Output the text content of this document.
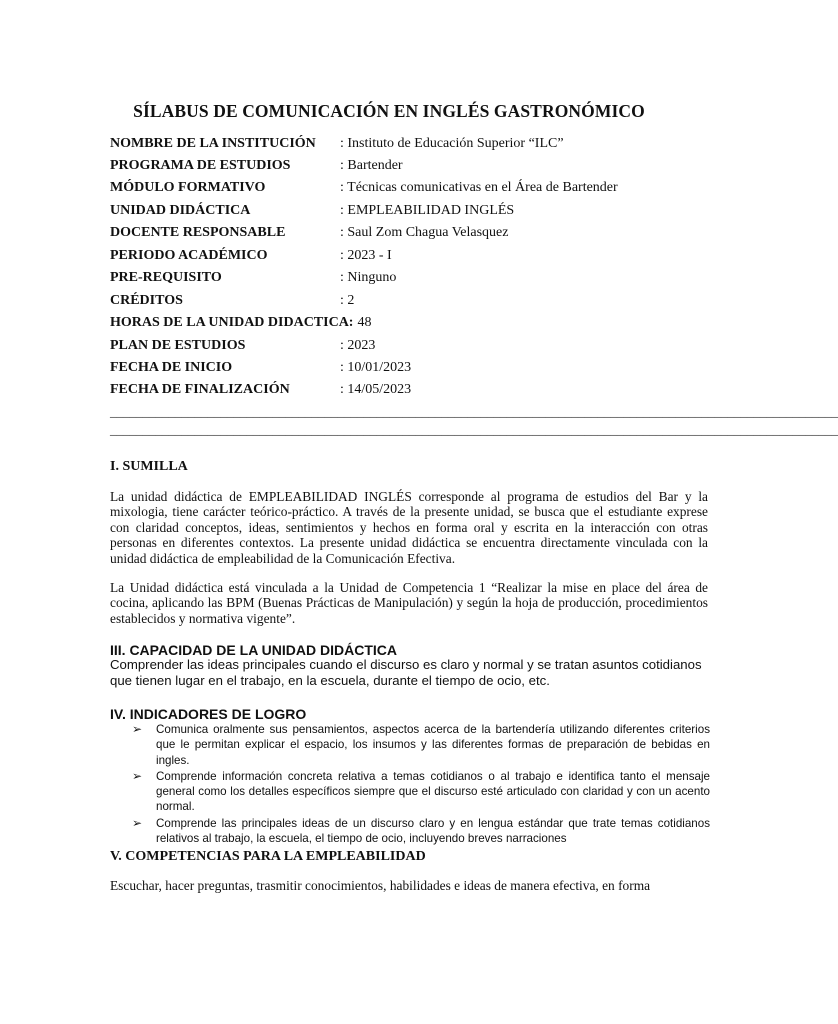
SÍLABUS DE COMUNICACIÓN EN INGLÉS GASTRONÓMICO
NOMBRE DE LA INSTITUCIÓN : Instituto de Educación Superior “ILC”
PROGRAMA DE ESTUDIOS	: Bartender
MÓDULO FORMATIVO	: Técnicas comunicativas en el Área de Bartender
UNIDAD DIDÁCTICA	: EMPLEABILIDAD INGLÉS
DOCENTE RESPONSABLE	: Saul Zom Chagua Velasquez
PERIODO ACADÉMICO	: 2023 - I
PRE-REQUISITO	: Ninguno
CRÉDITOS	: 2
HORAS DE LA UNIDAD DIDACTICA: 48
PLAN DE ESTUDIOS	: 2023
FECHA DE INICIO	: 10/01/2023
FECHA DE FINALIZACIÓN	: 14/05/2023
________________________________________________________________________________________________________________
________________________________________________________________________________________________________________
I. SUMILLA

La unidad didáctica de EMPLEABILIDAD INGLÉS corresponde al programa de estudios del Bar y la mixologia, tiene carácter teórico-práctico. A través de la presente unidad, se busca que el estudiante exprese con claridad conceptos, ideas, sentimientos y hechos en forma oral y escrita en la interacción con otras personas en diferentes contextos. La presente unidad didáctica se encuentra directamente vinculada con la unidad didáctica de empleabilidad de la Comunicación Efectiva.

La Unidad didáctica está vinculada a la Unidad de Competencia 1 “Realizar la mise en place del área de cocina, aplicando las BPM (Buenas Prácticas de Manipulación) y según la hoja de producción, procedimientos establecidos y normativa vigente”.

III. CAPACIDAD DE LA UNIDAD DIDÁCTICA

Comprender las ideas principales cuando el discurso es claro y normal y se tratan asuntos cotidianos que tienen lugar en el trabajo, en la escuela, durante el tiempo de ocio, etc.

IV. INDICADORES DE LOGRO
➢ Comunica oralmente sus pensamientos, aspectos acerca de la bartendería utilizando diferentes criterios que le permitan explicar el espacio, los insumos y las diferentes formas de preparación de bebidas en ingles.
➢ Comprende información concreta relativa a temas cotidianos o al trabajo e identifica tanto el mensaje general como los detalles específicos siempre que el discurso esté articulado con claridad y con un acento normal.
➢ Comprende las principales ideas de un discurso claro y en lengua estándar que trate temas cotidianos relativos al trabajo, la escuela, el tiempo de ocio, incluyendo breves narraciones
V. COMPETENCIAS PARA LA EMPLEABILIDAD

Escuchar, hacer preguntas, trasmitir conocimientos, habilidades e ideas de manera efectiva, en forma
